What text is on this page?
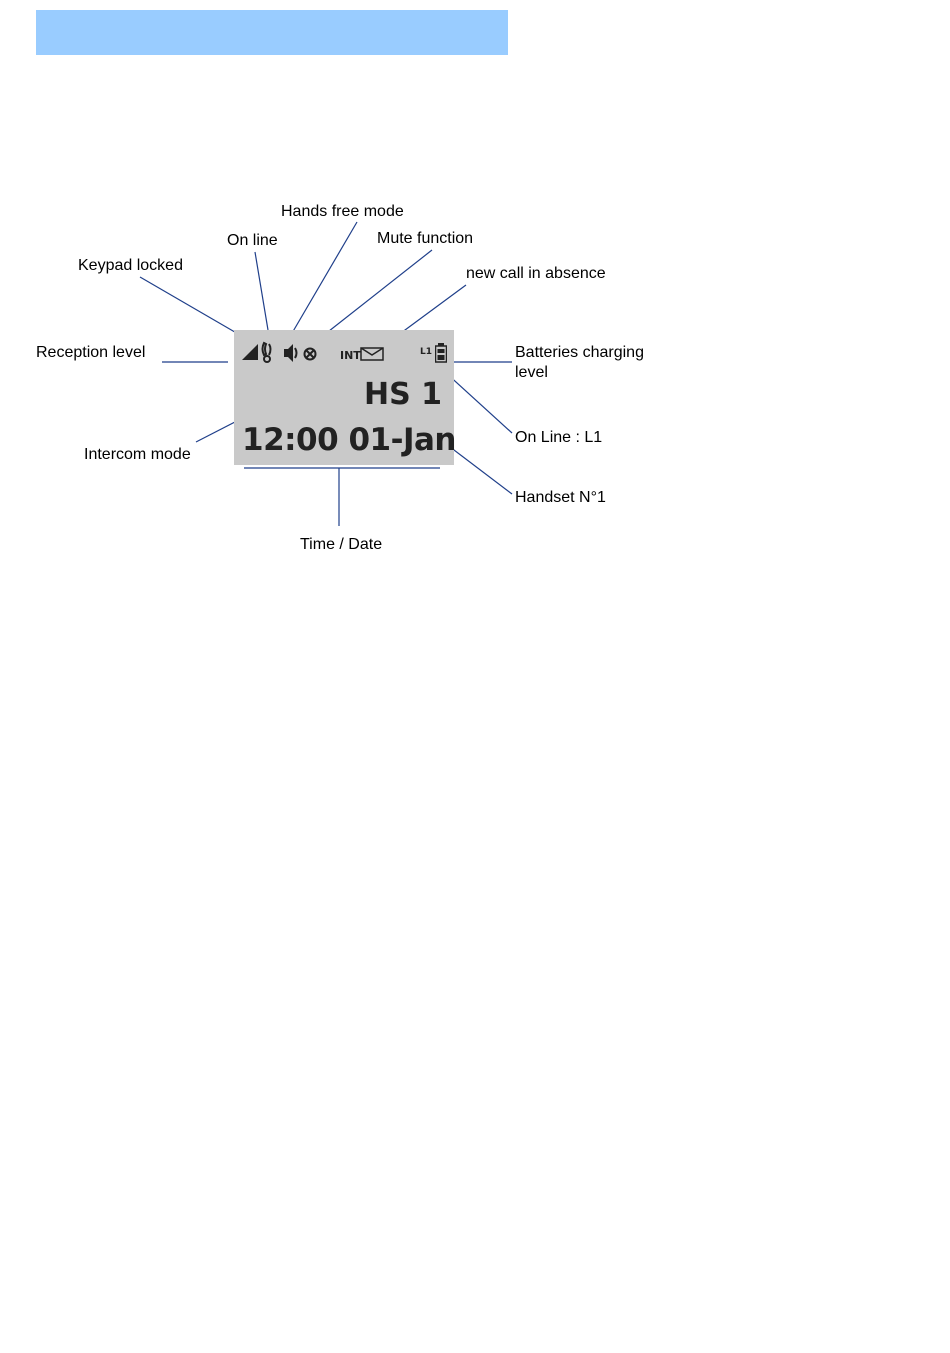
INT	L1
HS 1
12:00 01-Jan
Hands free mode
On line	Mute function
Keypad locked	new call in absence
Reception level	Batteries charging
level
On Line : L1
Intercom mode
Handset N°1
Time / Date
